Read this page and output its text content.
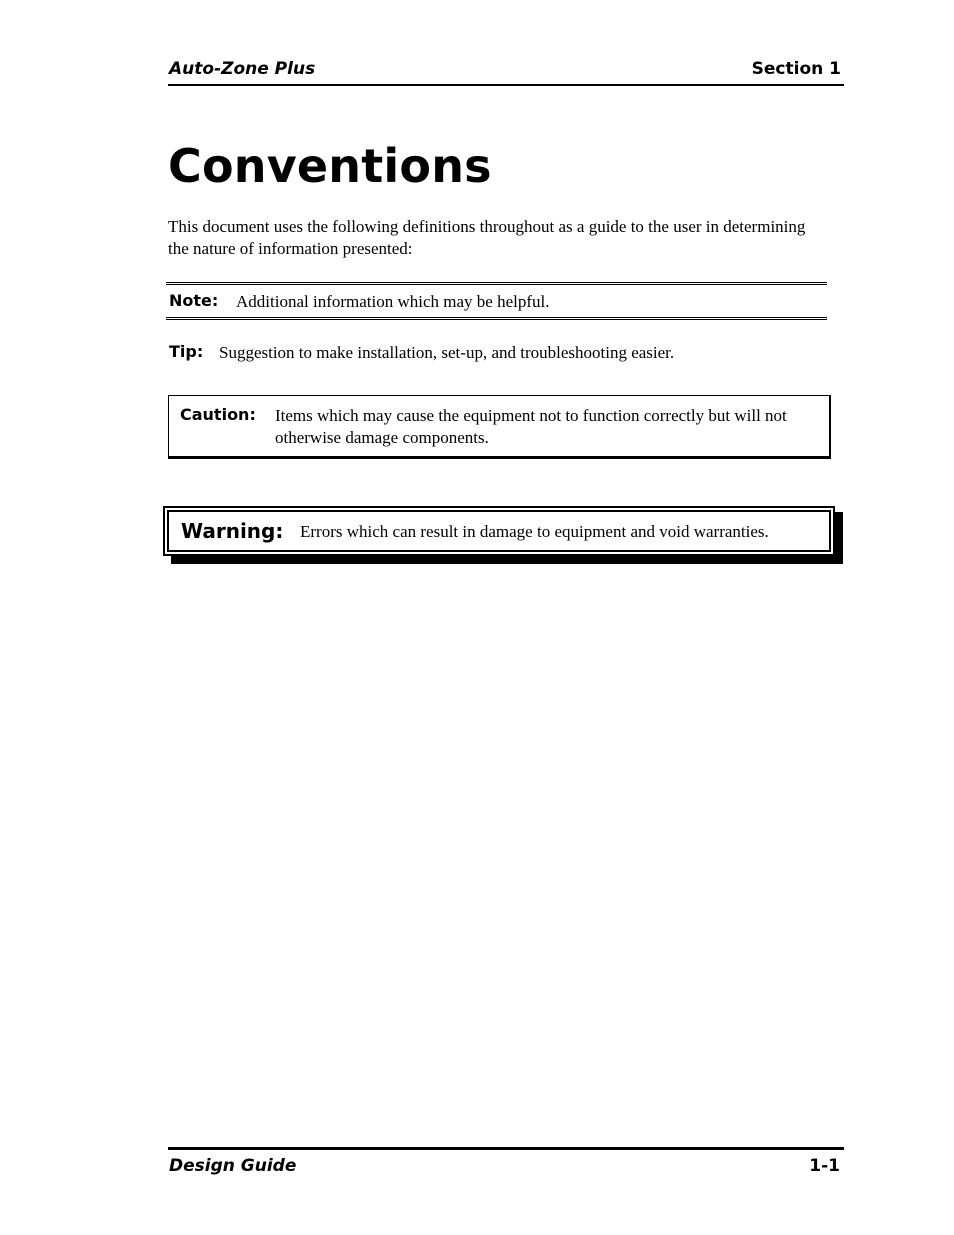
Auto-Zone Plus	Section 1
Conventions

This document uses the following definitions throughout as a guide to the user in determining the nature of information presented:

Note: Additional information which may be helpful.
Tip: Suggestion to make installation, set-up, and troubleshooting easier.
Caution: Items which may cause the equipment not to function correctly but will not otherwise damage components.

Warning: Errors which can result in damage to equipment and void warranties.
Design Guide	1-1
